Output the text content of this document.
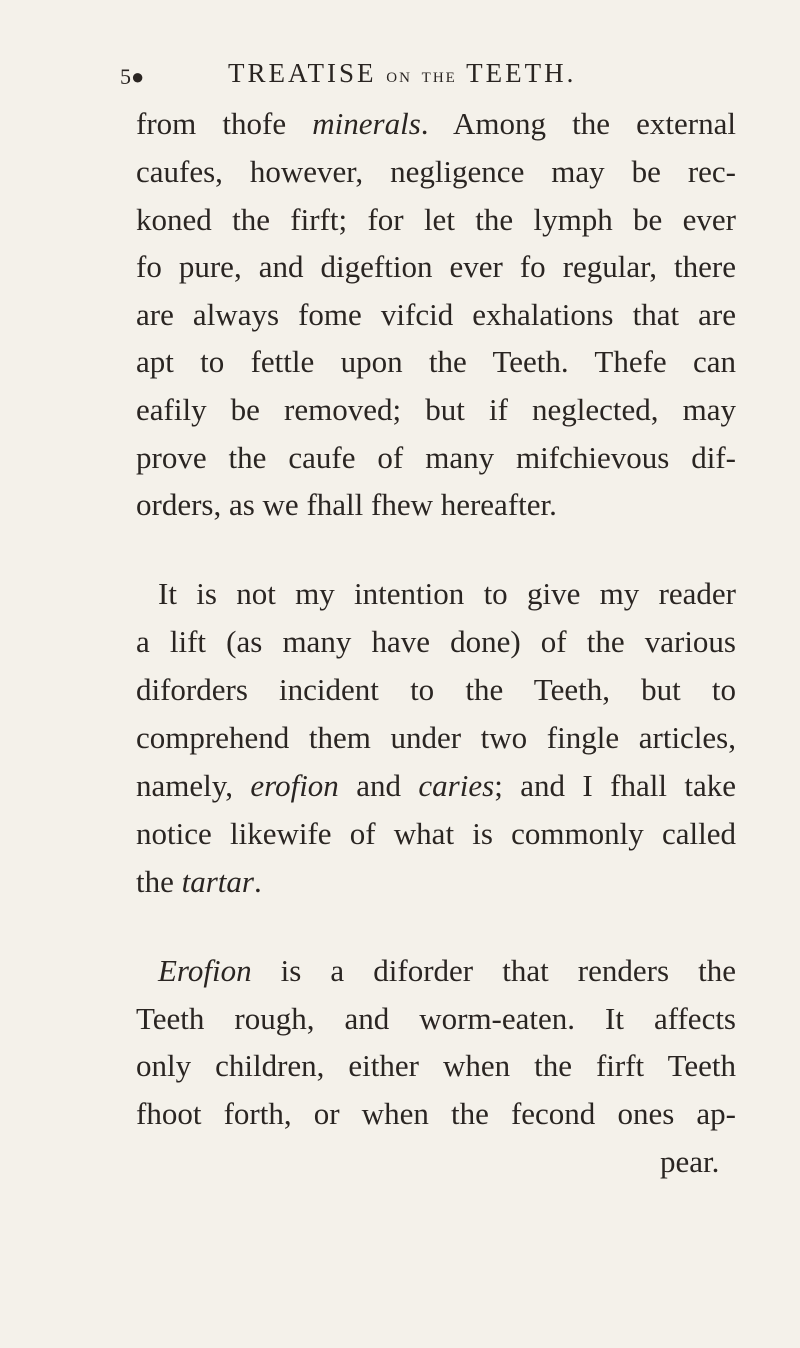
5●	TREATISE ON THE TEETH.
from thofe minerals. Among the external
caufes, however, negligence may be rec-
koned the firft; for let the lymph be ever
fo pure, and digeftion ever fo regular, there
are always fome vifcid exhalations that are
apt to fettle upon the Teeth. Thefe can
eafily be removed; but if neglected, may
prove the caufe of many mifchievous dif-
orders, as we fhall fhew hereafter.
It is not my intention to give my reader
a lift (as many have done) of the various
diforders incident to the Teeth, but to
comprehend them under two fingle articles,
namely, erofion and caries; and I fhall take
notice likewife of what is commonly called
the tartar.
Erofion is a diforder that renders the
Teeth rough, and worm-eaten. It affects
only children, either when the firft Teeth
fhoot forth, or when the fecond ones ap-
pear.
